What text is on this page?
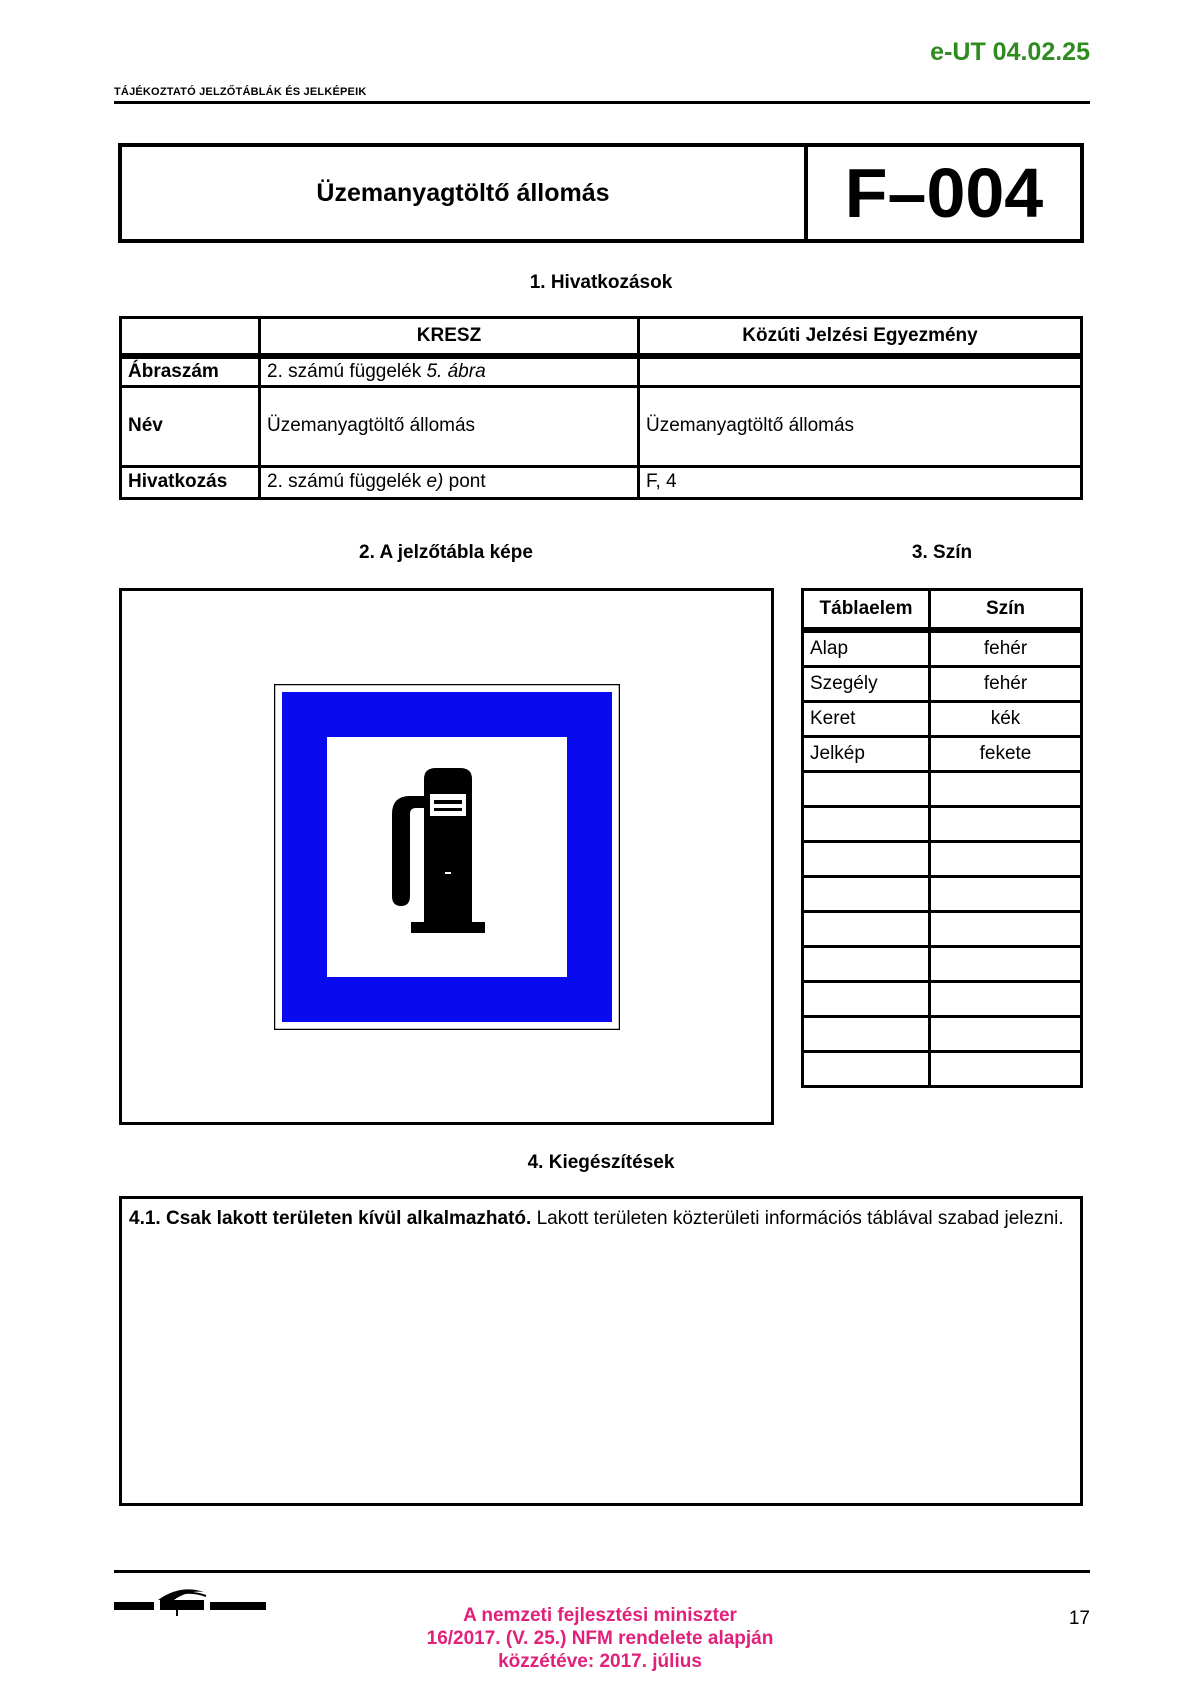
e-UT 04.02.25
TÁJÉKOZTATÓ JELZŐTÁBLÁK ÉS JELKÉPEIK
Üzemanyagtöltő állomás	F–004
1. Hivatkozások
	KRESZ	Közúti Jelzési Egyezmény
Ábraszám	2. számú függelék 5. ábra	
Név	Üzemanyagtöltő állomás	Üzemanyagtöltő állomás
Hivatkozás	2. számú függelék e) pont	F, 4
2. A jelzőtábla képe	3. Szín
Táblaelem	Szín
Alap	fehér
Szegély	fehér
Keret	kék
Jelkép	fekete

4. Kiegészítések
4.1. Csak lakott területen kívül alkalmazható. Lakott területen közterületi információs táblával szabad jelezni.
A nemzeti fejlesztési miniszter
16/2017. (V. 25.) NFM rendelete alapján
közzétéve: 2017. július
17
